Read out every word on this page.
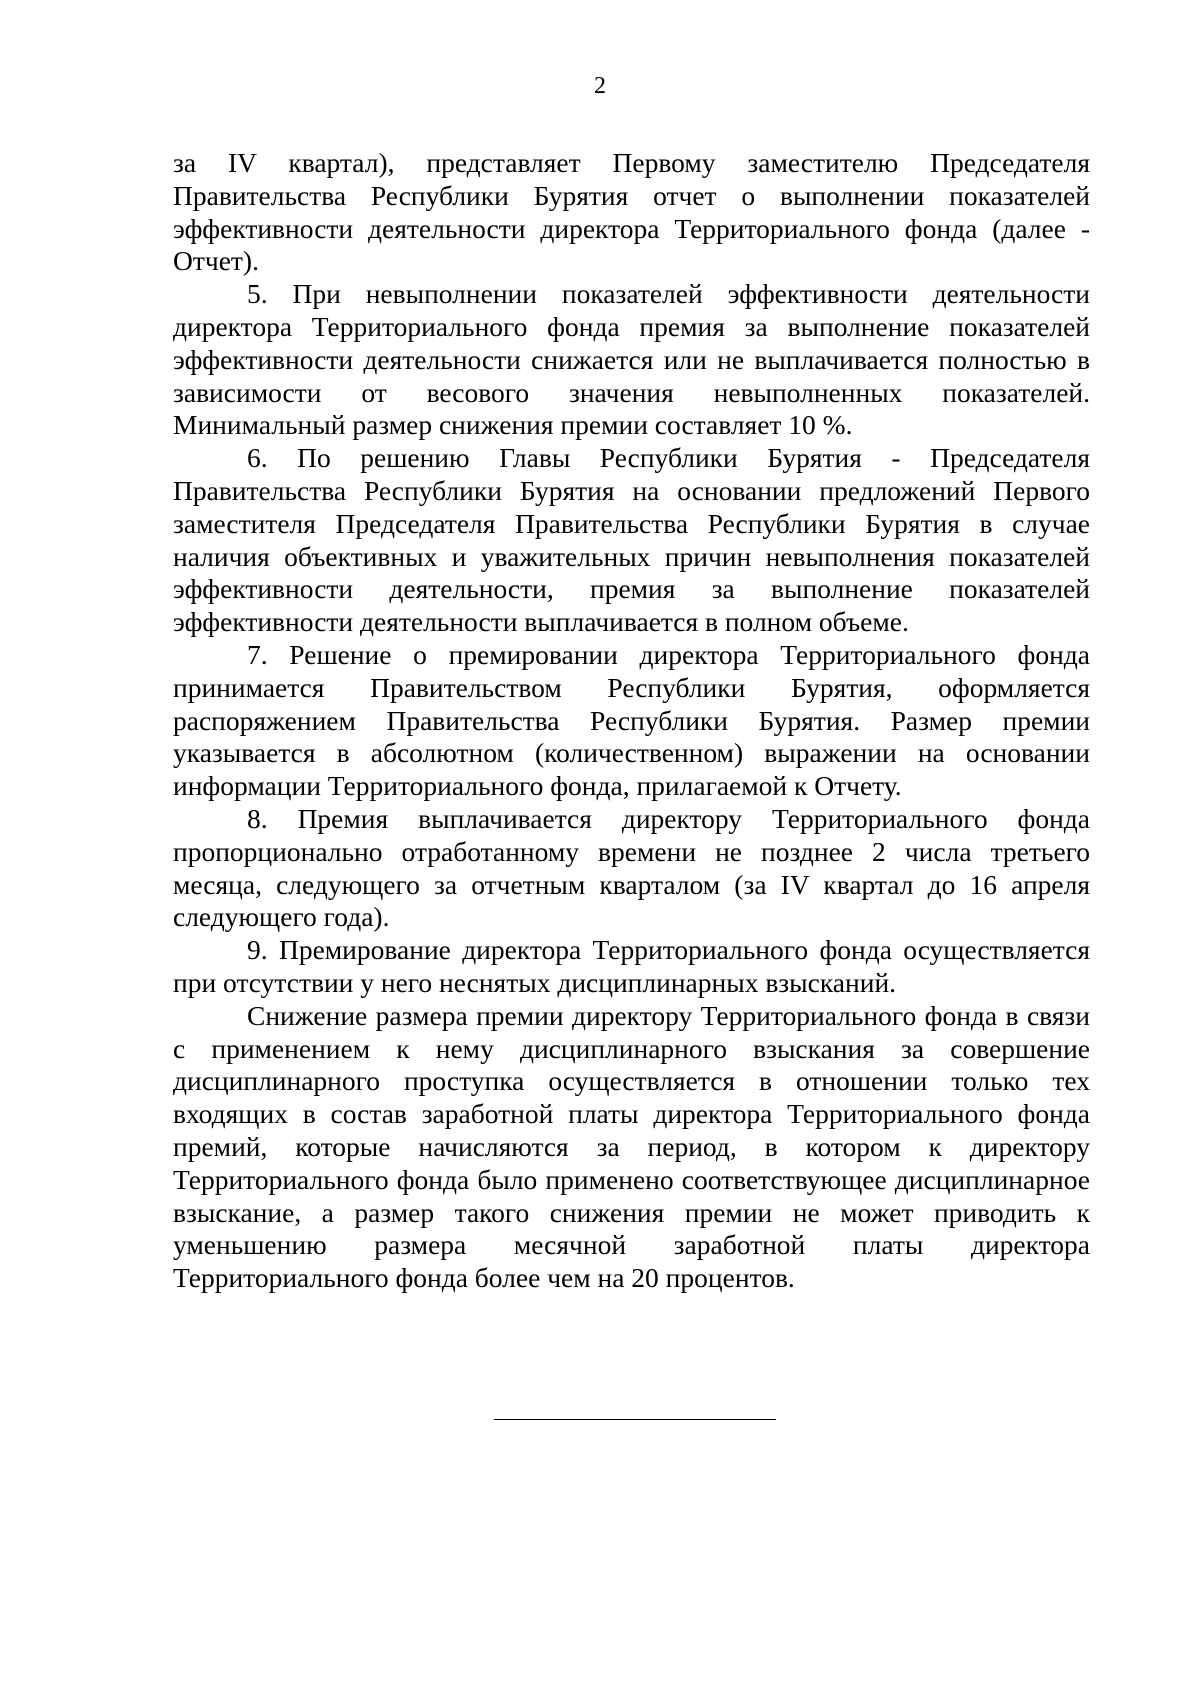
2

за IV квартал), представляет Первому заместителю Председателя Правительства Республики Бурятия отчет о выполнении показателей эффективности деятельности директора Территориального фонда (далее - Отчет).

5. При невыполнении показателей эффективности деятельности директора Территориального фонда премия за выполнение показателей эффективности деятельности снижается или не выплачивается полностью в зависимости от весового значения невыполненных показателей. Минимальный размер снижения премии составляет 10 %.

6. По решению Главы Республики Бурятия - Председателя Правительства Республики Бурятия на основании предложений Первого заместителя Председателя Правительства Республики Бурятия в случае наличия объективных и уважительных причин невыполнения показателей эффективности деятельности, премия за выполнение показателей эффективности деятельности выплачивается в полном объеме.

7. Решение о премировании директора Территориального фонда принимается Правительством Республики Бурятия, оформляется распоряжением Правительства Республики Бурятия. Размер премии указывается в абсолютном (количественном) выражении на основании информации Территориального фонда, прилагаемой к Отчету.

8. Премия выплачивается директору Территориального фонда пропорционально отработанному времени не позднее 2 числа третьего месяца, следующего за отчетным кварталом (за IV квартал до 16 апреля следующего года).

9. Премирование директора Территориального фонда осуществляется при отсутствии у него неснятых дисциплинарных взысканий.

Снижение размера премии директору Территориального фонда в связи с применением к нему дисциплинарного взыскания за совершение дисциплинарного проступка осуществляется в отношении только тех входящих в состав заработной платы директора Территориального фонда премий, которые начисляются за период, в котором к директору Территориального фонда было применено соответствующее дисциплинарное взыскание, а размер такого снижения премии не может приводить к уменьшению размера месячной заработной платы директора Территориального фонда более чем на 20 процентов.
